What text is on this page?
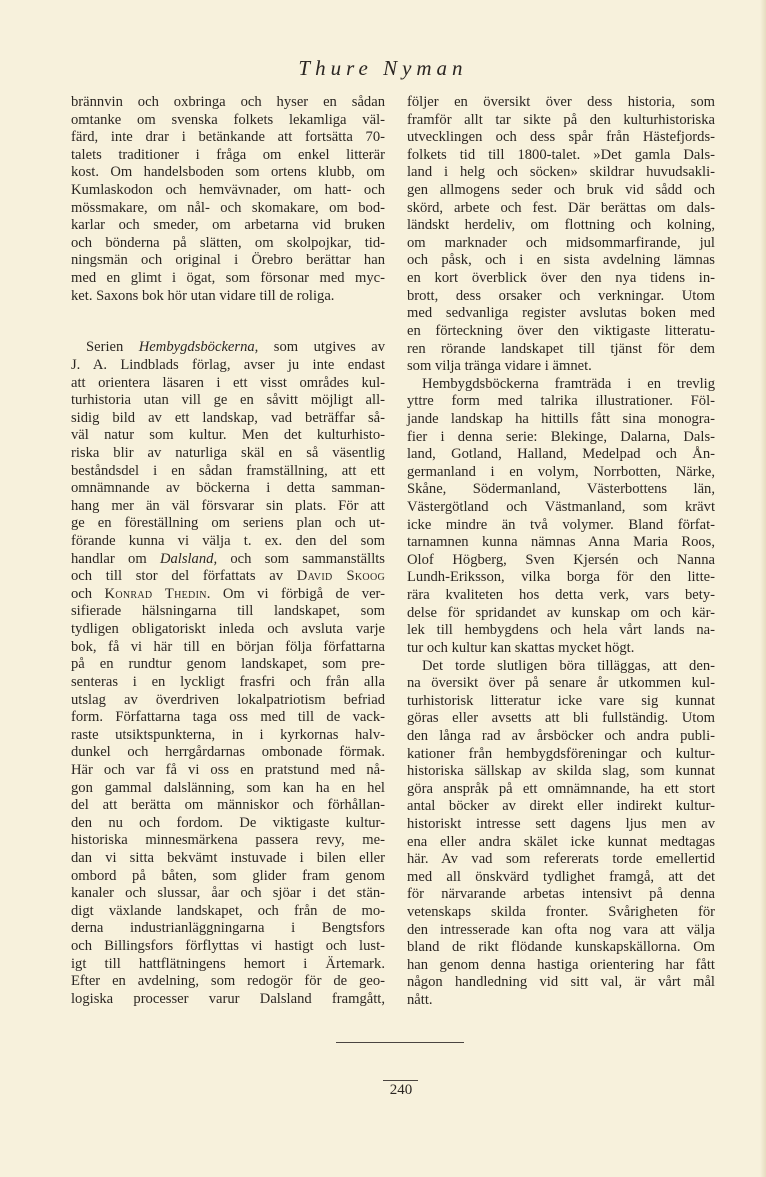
Thure Nyman
brännvin och oxbringa och hyser en sådan
omtanke om svenska folkets lekamliga väl-
färd, inte drar i betänkande att fortsätta 70-
talets traditioner i fråga om enkel litterär
kost. Om handelsboden som ortens klubb, om
Kumlaskodon och hemvävnader, om hatt- och
mössmakare, om nål- och skomakare, om bod-
karlar och smeder, om arbetarna vid bruken
och bönderna på slätten, om skolpojkar, tid-
ningsmän och original i Örebro berättar han
med en glimt i ögat, som försonar med myc-
ket. Saxons bok hör utan vidare till de roliga.
Serien Hembygdsböckerna, som utgives av
J. A. Lindblads förlag, avser ju inte endast
att orientera läsaren i ett visst områdes kul-
turhistoria utan vill ge en såvitt möjligt all-
sidig bild av ett landskap, vad beträffar så-
väl natur som kultur. Men det kulturhisto-
riska blir av naturliga skäl en så väsentlig
beståndsdel i en sådan framställning, att ett
omnämnande av böckerna i detta samman-
hang mer än väl försvarar sin plats. För att
ge en föreställning om seriens plan och ut-
förande kunna vi välja t. ex. den del som
handlar om Dalsland, och som sammanställts
och till stor del författats av David Skoog
och Konrad Thedin. Om vi förbigå de ver-
sifierade hälsningarna till landskapet, som
tydligen obligatoriskt inleda och avsluta varje
bok, få vi här till en början följa författarna
på en rundtur genom landskapet, som pre-
senteras i en lyckligt frasfri och från alla
utslag av överdriven lokalpatriotism befriad
form. Författarna taga oss med till de vack-
raste utsiktspunkterna, in i kyrkornas halv-
dunkel och herrgårdarnas ombonade förmak.
Här och var få vi oss en pratstund med nå-
gon gammal dalslänning, som kan ha en hel
del att berätta om människor och förhållan-
den nu och fordom. De viktigaste kultur-
historiska minnesmärkena passera revy, me-
dan vi sitta bekvämt instuvade i bilen eller
ombord på båten, som glider fram genom
kanaler och slussar, åar och sjöar i det stän-
digt växlande landskapet, och från de mo-
derna industrianläggningarna i Bengtsfors
och Billingsfors förflyttas vi hastigt och lust-
igt till hattflätningens hemort i Ärtemark.
Efter en avdelning, som redogör för de geo-
logiska processer varur Dalsland framgått,
följer en översikt över dess historia, som
framför allt tar sikte på den kulturhistoriska
utvecklingen och dess spår från Hästefjords-
folkets tid till 1800-talet. »Det gamla Dals-
land i helg och söcken» skildrar huvudsakli-
gen allmogens seder och bruk vid sådd och
skörd, arbete och fest. Där berättas om dals-
ländskt herdeliv, om flottning och kolning,
om marknader och midsommarfirande, jul
och påsk, och i en sista avdelning lämnas
en kort överblick över den nya tidens in-
brott, dess orsaker och verkningar. Utom
med sedvanliga register avslutas boken med
en förteckning över den viktigaste litteratu-
ren rörande landskapet till tjänst för dem
som vilja tränga vidare i ämnet.
Hembygdsböckerna framträda i en trevlig
yttre form med talrika illustrationer. Föl-
jande landskap ha hittills fått sina monogra-
fier i denna serie: Blekinge, Dalarna, Dals-
land, Gotland, Halland, Medelpad och Ån-
germanland i en volym, Norrbotten, Närke,
Skåne, Södermanland, Västerbottens län,
Västergötland och Västmanland, som krävt
icke mindre än två volymer. Bland förfat-
tarnamnen kunna nämnas Anna Maria Roos,
Olof Högberg, Sven Kjersén och Nanna
Lundh-Eriksson, vilka borga för den litte-
rära kvaliteten hos detta verk, vars bety-
delse för spridandet av kunskap om och kär-
lek till hembygdens och hela vårt lands na-
tur och kultur kan skattas mycket högt.
Det torde slutligen böra tilläggas, att den-
na översikt över på senare år utkommen kul-
turhistorisk litteratur icke vare sig kunnat
göras eller avsetts att bli fullständig. Utom
den långa rad av årsböcker och andra publi-
kationer från hembygdsföreningar och kultur-
historiska sällskap av skilda slag, som kunnat
göra anspråk på ett omnämnande, ha ett stort
antal böcker av direkt eller indirekt kultur-
historiskt intresse sett dagens ljus men av
ena eller andra skälet icke kunnat medtagas
här. Av vad som refererats torde emellertid
med all önskvärd tydlighet framgå, att det
för närvarande arbetas intensivt på denna
vetenskaps skilda fronter. Svårigheten för
den intresserade kan ofta nog vara att välja
bland de rikt flödande kunskapskällorna. Om
han genom denna hastiga orientering har fått
någon handledning vid sitt val, är vårt mål
nått.
240
